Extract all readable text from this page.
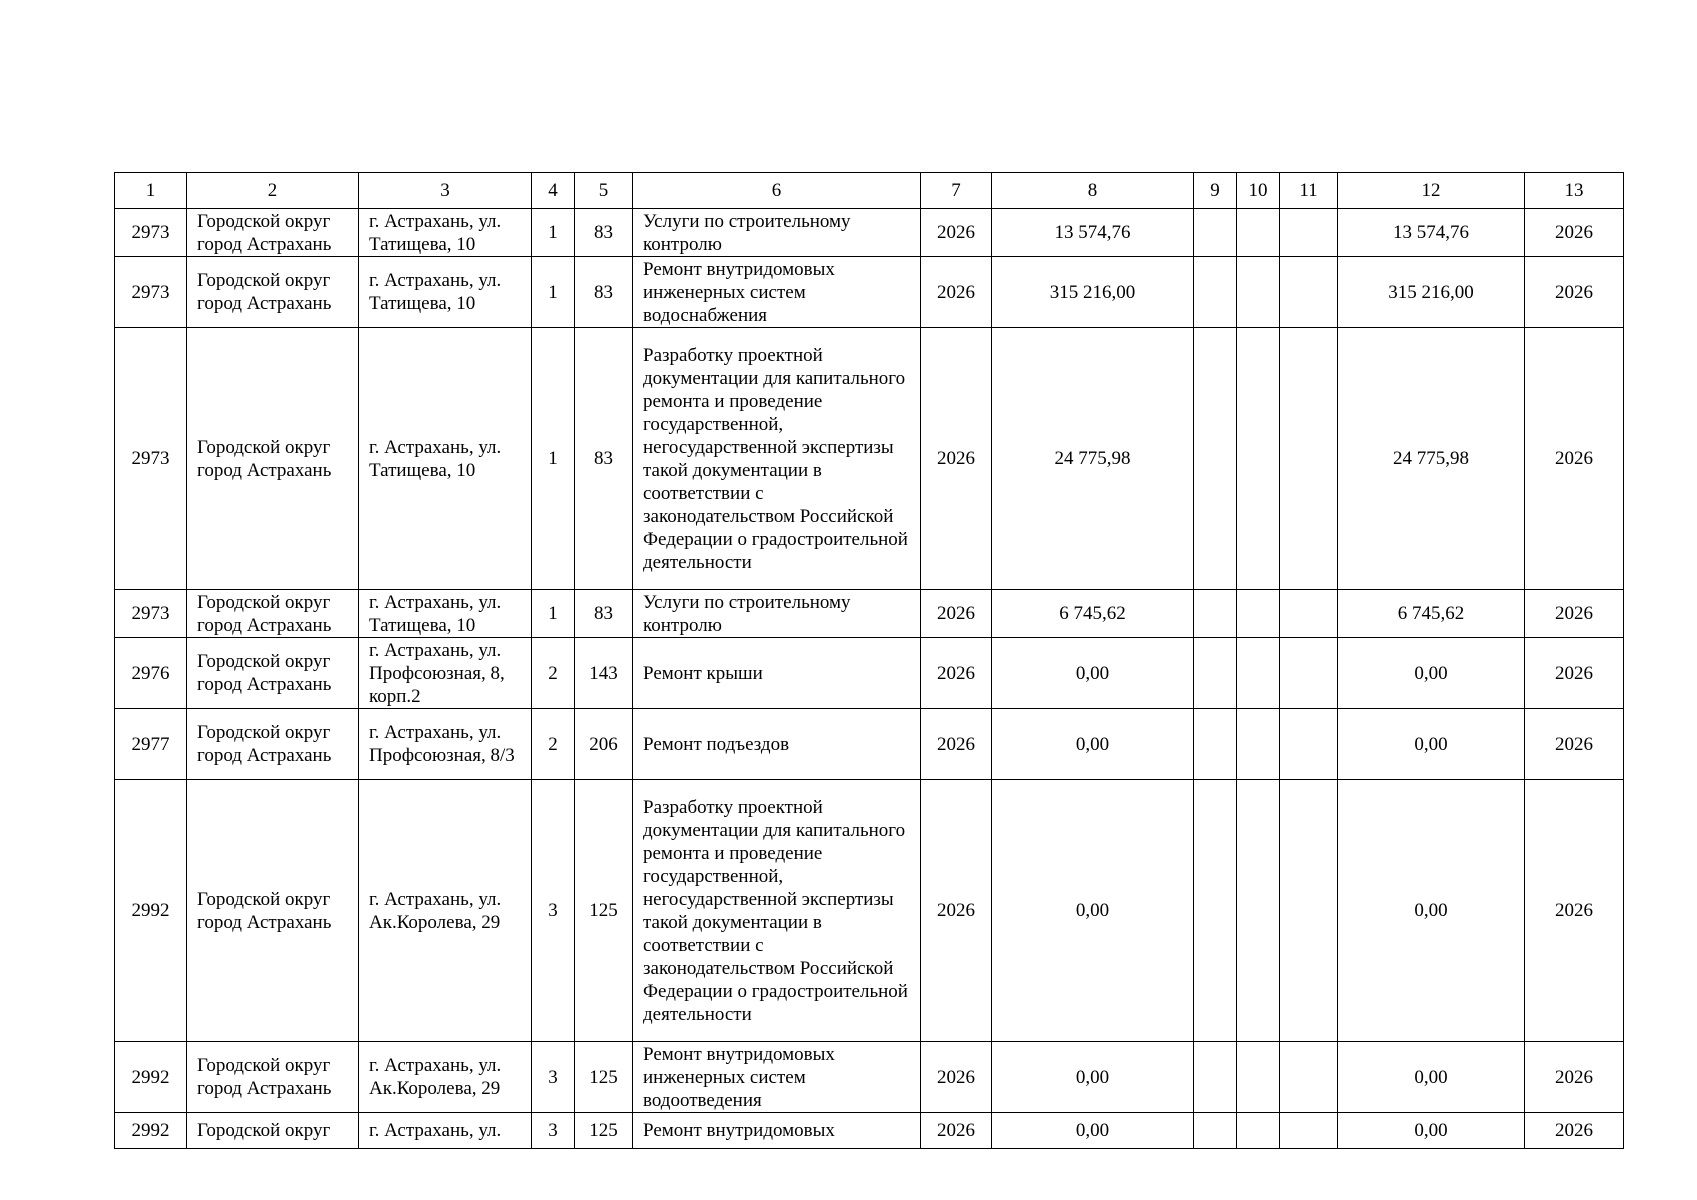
1	2	3	4	5	6	7	8	9	10	11	12	13
2973	Городской округ город Астрахань	г. Астрахань, ул. Татищева, 10	1	83	Услуги по строительному контролю	2026	13 574,76				13 574,76	2026
2973	Городской округ город Астрахань	г. Астрахань, ул. Татищева, 10	1	83	Ремонт внутридомовых инженерных систем водоснабжения	2026	315 216,00				315 216,00	2026
2973	Городской округ город Астрахань	г. Астрахань, ул. Татищева, 10	1	83	Разработку проектной документации для капитального ремонта и проведение государственной, негосударственной экспертизы такой документации в соответствии с законодательством Российской Федерации о градостроительной деятельности	2026	24 775,98				24 775,98	2026
2973	Городской округ город Астрахань	г. Астрахань, ул. Татищева, 10	1	83	Услуги по строительному контролю	2026	6 745,62				6 745,62	2026
2976	Городской округ город Астрахань	г. Астрахань, ул. Профсоюзная, 8, корп.2	2	143	Ремонт крыши	2026	0,00				0,00	2026
2977	Городской округ город Астрахань	г. Астрахань, ул. Профсоюзная, 8/3	2	206	Ремонт подъездов	2026	0,00				0,00	2026
2992	Городской округ город Астрахань	г. Астрахань, ул. Ак.Королева, 29	3	125	Разработку проектной документации для капитального ремонта и проведение государственной, негосударственной экспертизы такой документации в соответствии с законодательством Российской Федерации о градостроительной деятельности	2026	0,00				0,00	2026
2992	Городской округ город Астрахань	г. Астрахань, ул. Ак.Королева, 29	3	125	Ремонт внутридомовых инженерных систем водоотведения	2026	0,00				0,00	2026
2992	Городской округ	г. Астрахань, ул.	3	125	Ремонт внутридомовых	2026	0,00				0,00	2026
